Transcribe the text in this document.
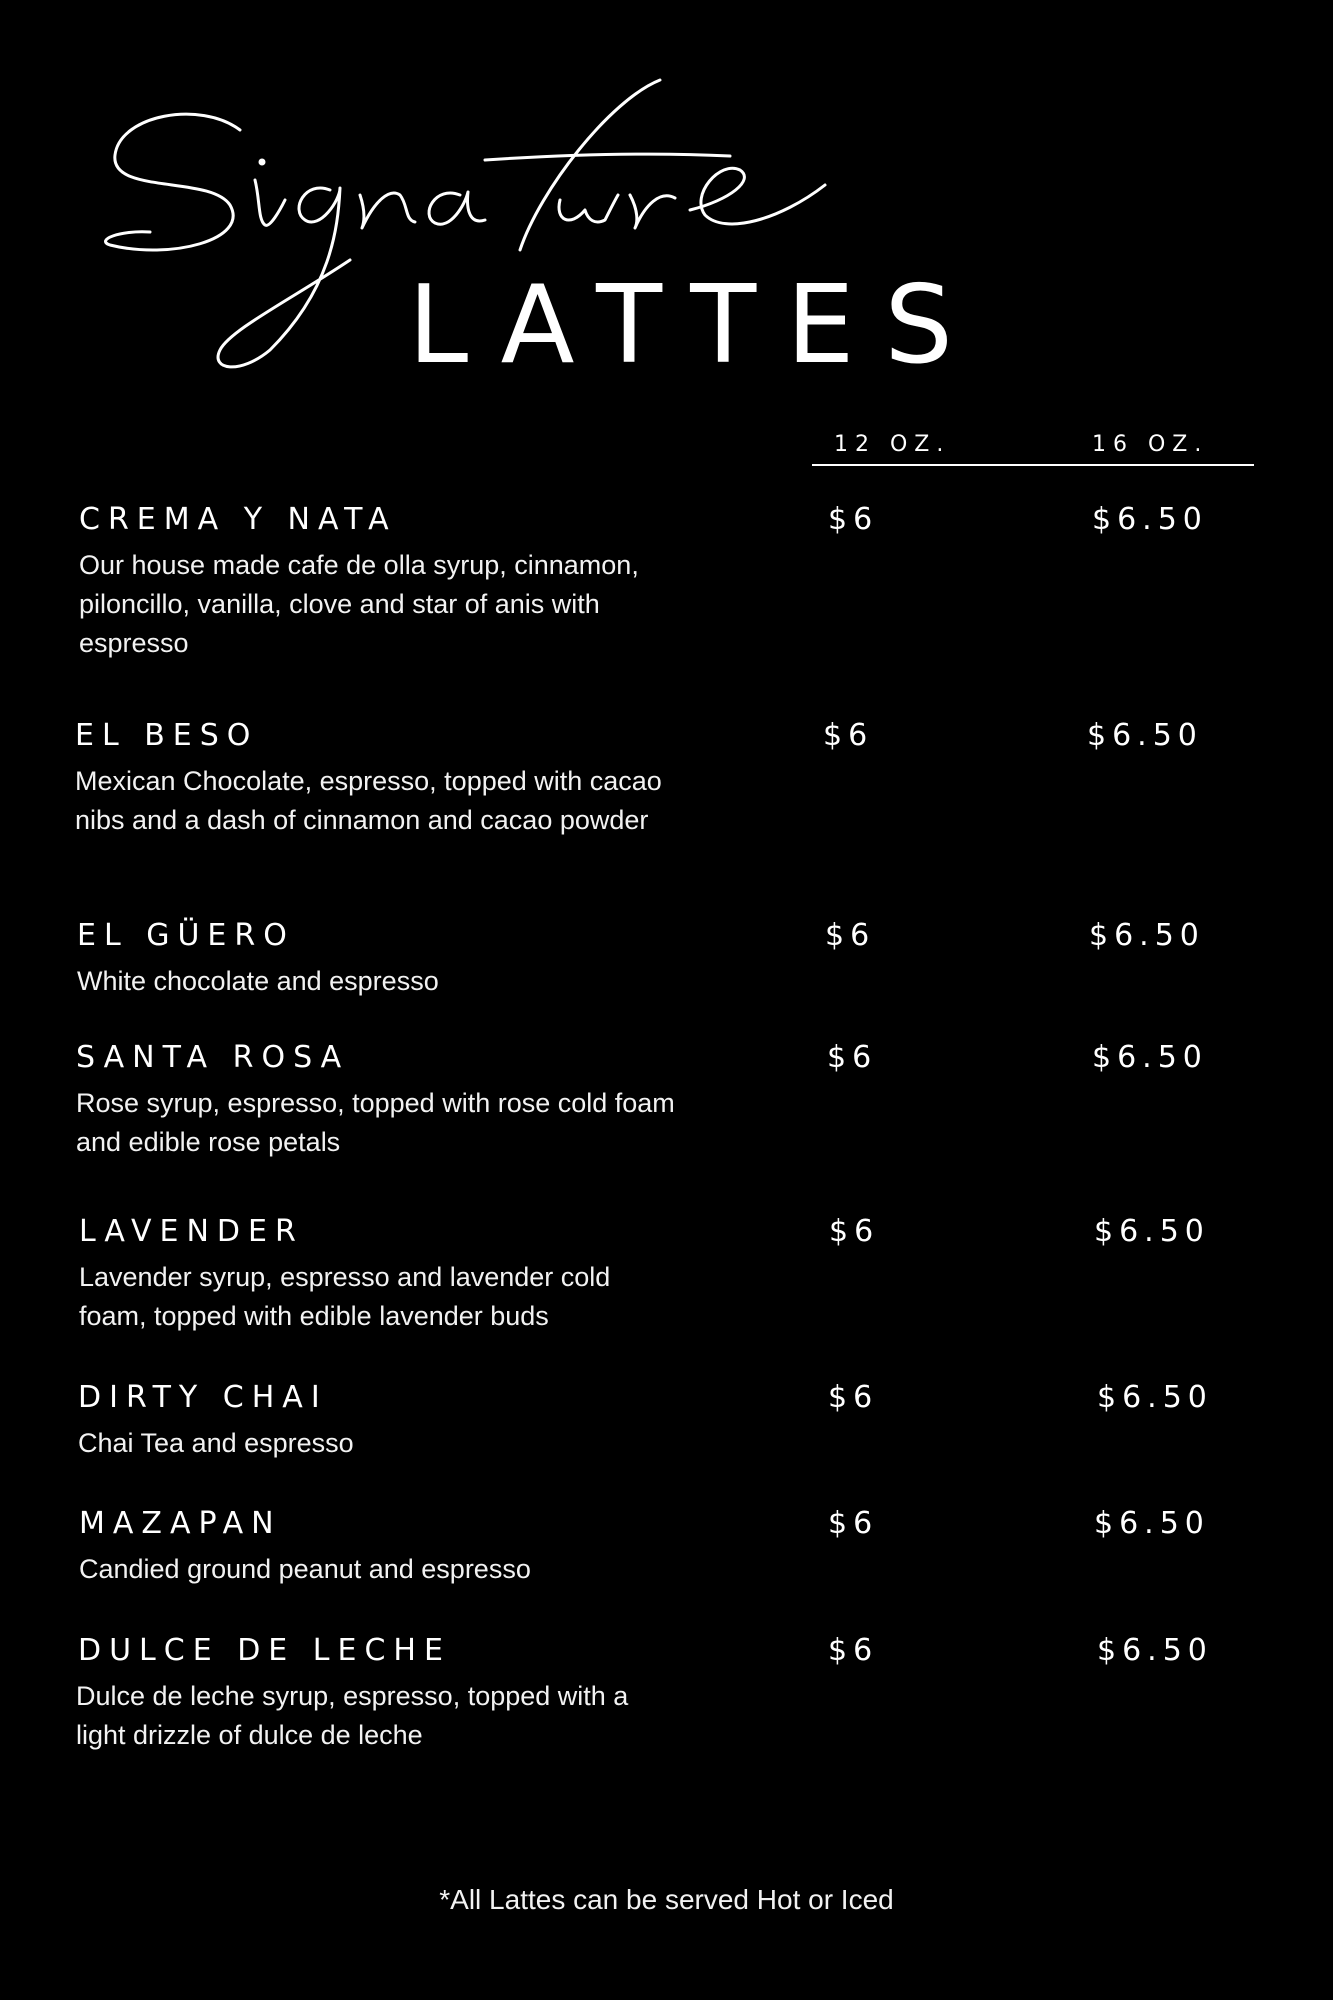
LATTES
12 OZ.	16 OZ.
CREMA Y NATA
Our house made cafe de olla syrup, cinnamon, piloncillo, vanilla, clove and star of anis with espresso
$6	$6.50
EL BESO
Mexican Chocolate, espresso, topped with cacao nibs and a dash of cinnamon and cacao powder
$6	$6.50
EL GÜERO
White chocolate and espresso
$6	$6.50
SANTA ROSA
Rose syrup, espresso, topped with rose cold foam and edible rose petals
$6	$6.50
LAVENDER
Lavender syrup, espresso and lavender cold foam, topped with edible lavender buds
$6	$6.50
DIRTY CHAI
Chai Tea and espresso
$6	$6.50
MAZAPAN
Candied ground peanut and espresso
$6	$6.50
DULCE DE LECHE
Dulce de leche syrup, espresso, topped with a light drizzle of dulce de leche
$6	$6.50
*All Lattes can be served Hot or Iced
